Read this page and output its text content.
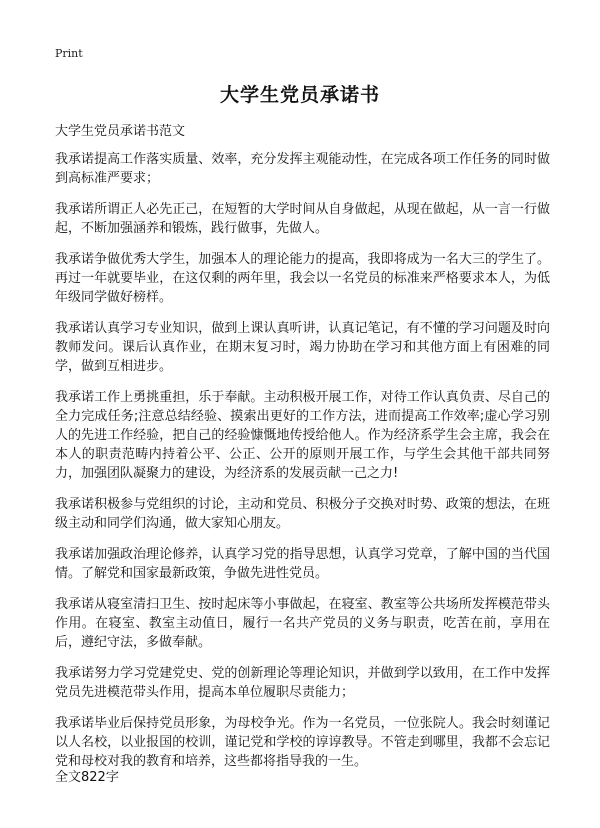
Print
大学生党员承诺书
大学生党员承诺书范文

我承诺提高工作落实质量、效率，充分发挥主观能动性，在完成各项工作任务的同时做到高标准严要求；

我承诺所谓正人必先正己，在短暂的大学时间从自身做起，从现在做起，从一言一行做起，不断加强涵养和锻炼，践行做事，先做人。

我承诺争做优秀大学生，加强本人的理论能力的提高，我即将成为一名大三的学生了。再过一年就要毕业，在这仅剩的两年里，我会以一名党员的标准来严格要求本人，为低年级同学做好榜样。

我承诺认真学习专业知识，做到上课认真听讲，认真记笔记，有不懂的学习问题及时向教师发问。课后认真作业，在期末复习时，竭力协助在学习和其他方面上有困难的同学，做到互相进步。

我承诺工作上勇挑重担，乐于奉献。主动积极开展工作，对待工作认真负责、尽自己的全力完成任务;注意总结经验、摸索出更好的工作方法，进而提高工作效率;虚心学习别人的先进工作经验，把自己的经验慷慨地传授给他人。作为经济系学生会主席，我会在本人的职责范畴内持着公平、公正、公开的原则开展工作，与学生会其他干部共同努力，加强团队凝聚力的建设，为经济系的发展贡献一己之力!

我承诺积极参与党组织的讨论，主动和党员、积极分子交换对时势、政策的想法，在班级主动和同学们沟通，做大家知心朋友。

我承诺加强政治理论修养，认真学习党的指导思想，认真学习党章，了解中国的当代国情。了解党和国家最新政策，争做先进性党员。

我承诺从寝室清扫卫生、按时起床等小事做起，在寝室、教室等公共场所发挥模范带头作用。在寝室、教室主动值日，履行一名共产党员的义务与职责，吃苦在前，享用在后，遵纪守法，多做奉献。

我承诺努力学习党建党史、党的创新理论等理论知识，并做到学以致用，在工作中发挥党员先进模范带头作用，提高本单位履职尽责能力；

我承诺毕业后保持党员形象，为母校争光。作为一名党员，一位张院人。我会时刻谨记以人名校，以业报国的校训，谨记党和学校的谆谆教导。不管走到哪里，我都不会忘记党和母校对我的教育和培养，这些都将指导我的一生。

全文822字
